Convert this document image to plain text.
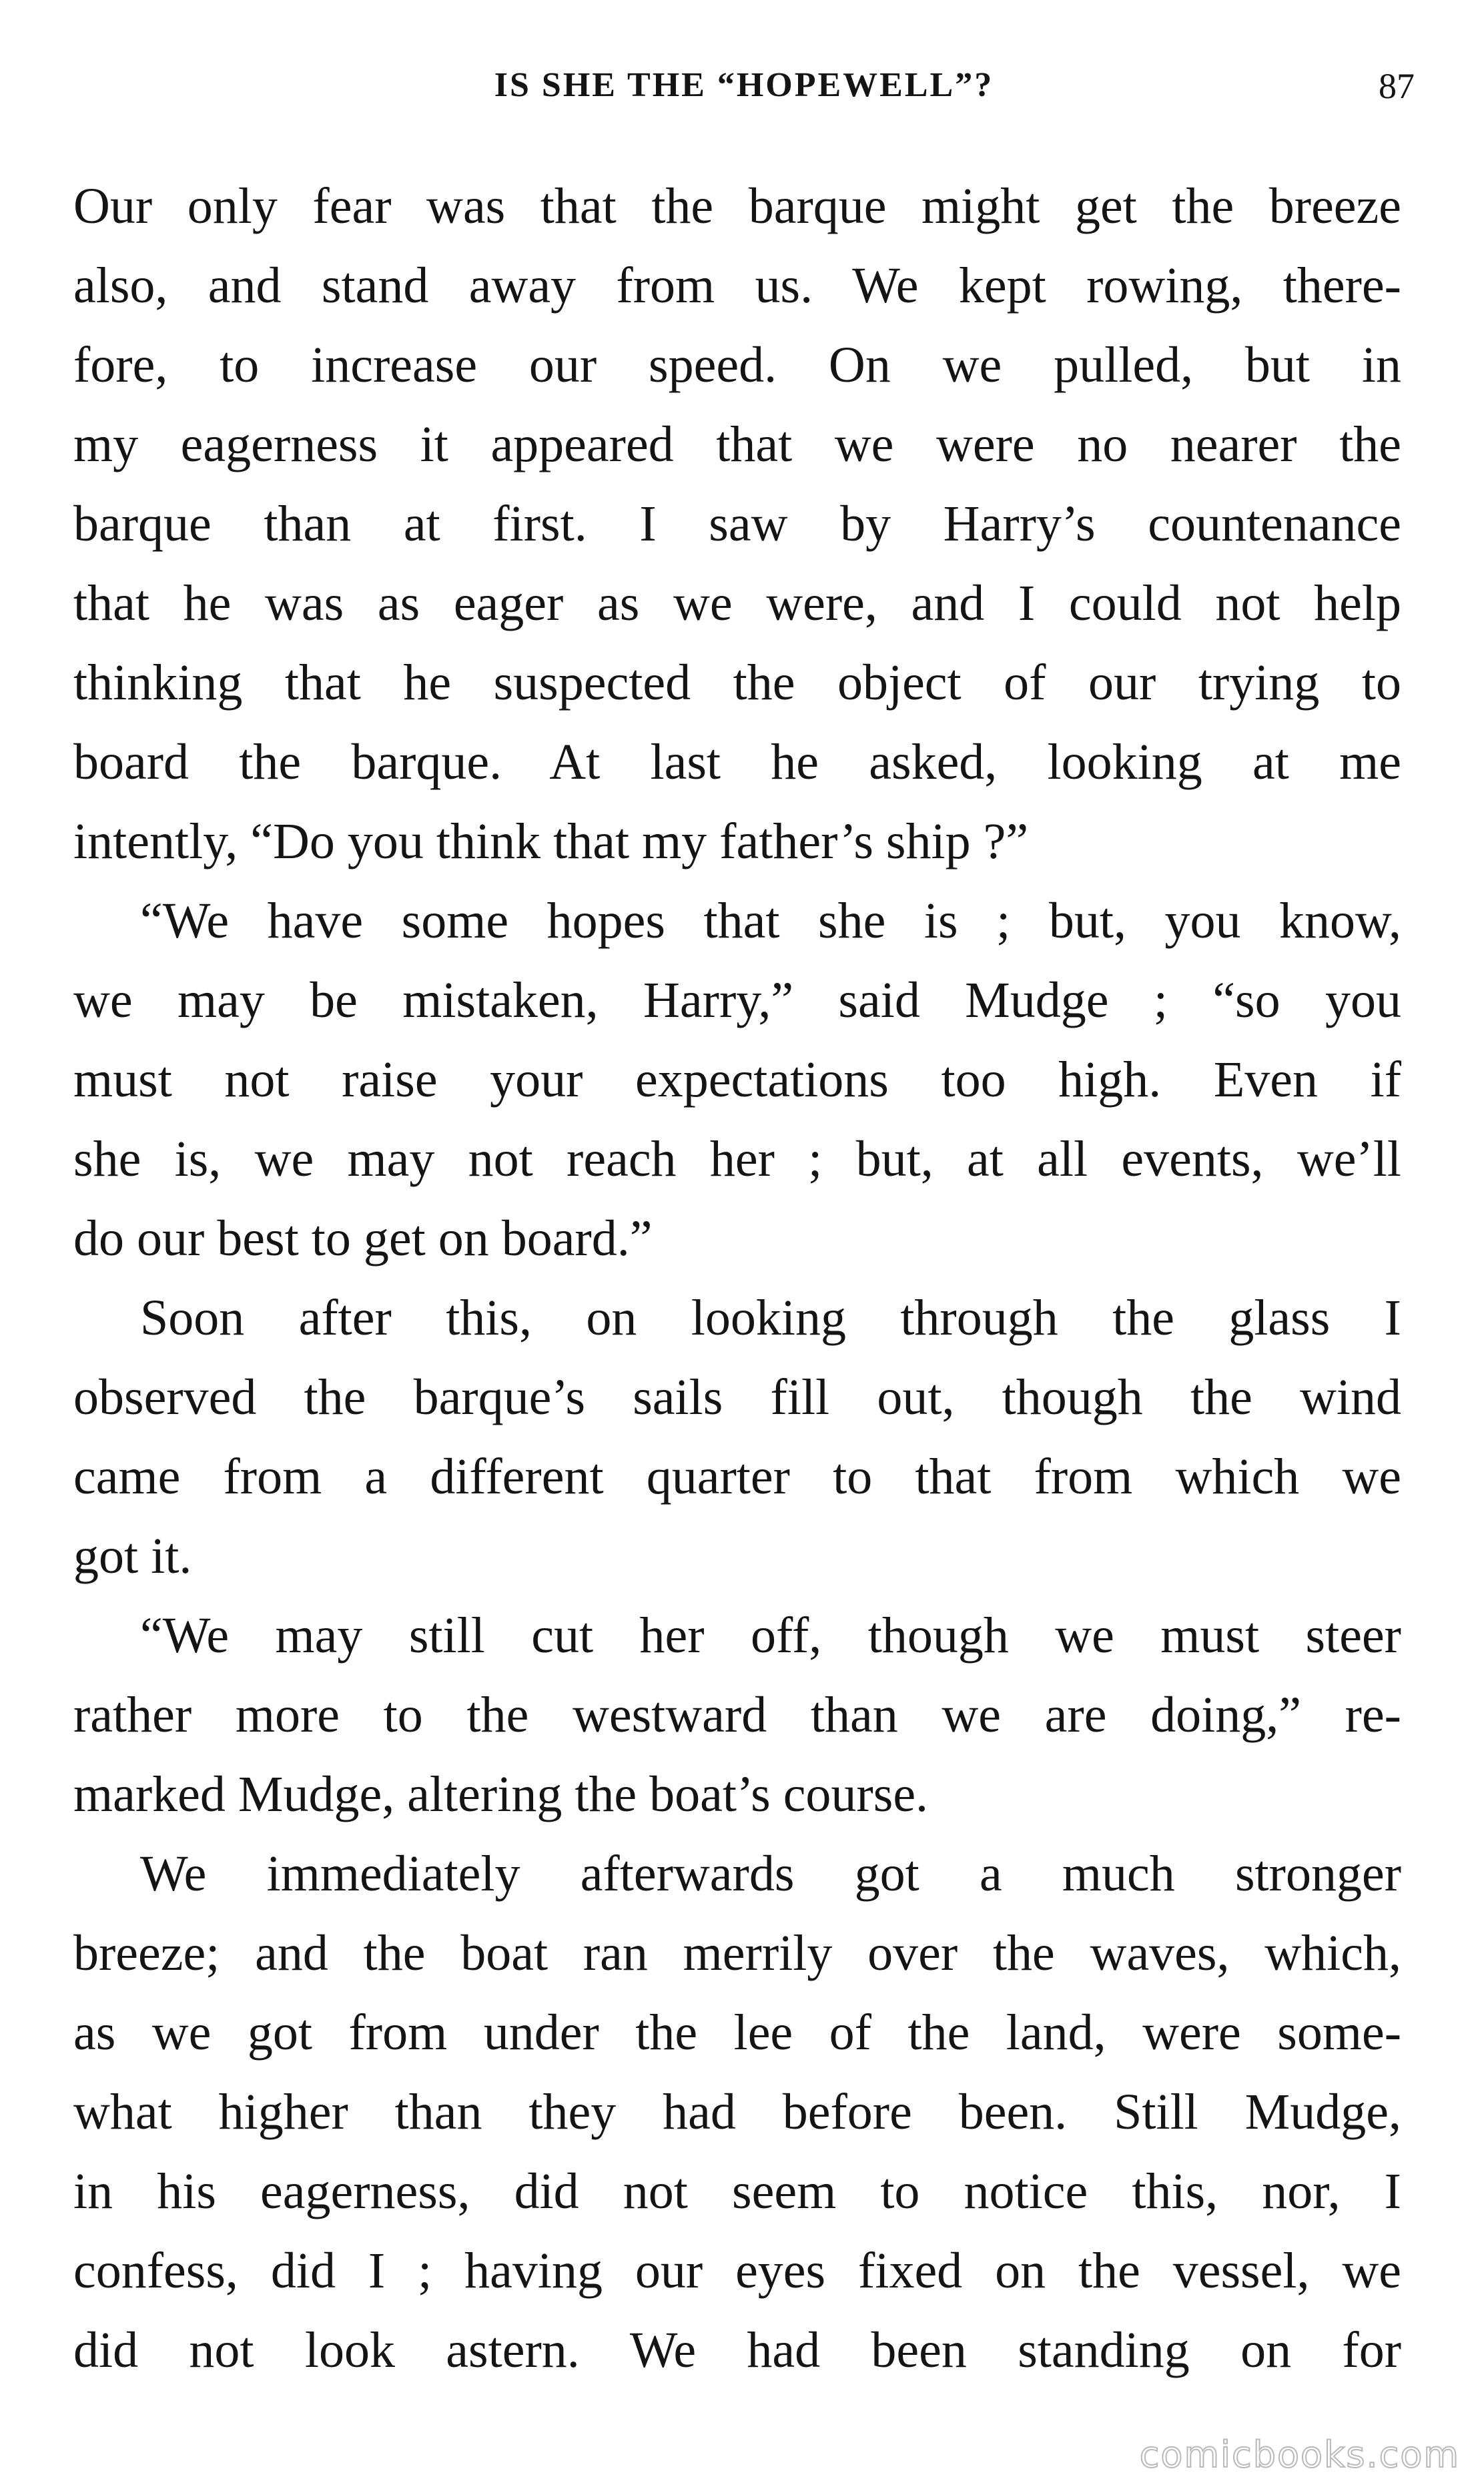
IS SHE THE “HOPEWELL”?	87
Our only fear was that the barque might get the breeze
also, and stand away from us. We kept rowing, there-
fore, to increase our speed. On we pulled, but in
my eagerness it appeared that we were no nearer the
barque than at first. I saw by Harry’s countenance
that he was as eager as we were, and I could not help
thinking that he suspected the object of our trying to
board the barque. At last he asked, looking at me
intently, “Do you think that my father’s ship ?”
“We have some hopes that she is ; but, you know,
we may be mistaken, Harry,” said Mudge ; “so you
must not raise your expectations too high. Even if
she is, we may not reach her ; but, at all events, we’ll
do our best to get on board.”
Soon after this, on looking through the glass I
observed the barque’s sails fill out, though the wind
came from a different quarter to that from which we
got it.
“We may still cut her off, though we must steer
rather more to the westward than we are doing,” re-
marked Mudge, altering the boat’s course.
We immediately afterwards got a much stronger
breeze; and the boat ran merrily over the waves, which,
as we got from under the lee of the land, were some-
what higher than they had before been. Still Mudge,
in his eagerness, did not seem to notice this, nor, I
confess, did I ; having our eyes fixed on the vessel, we
did not look astern. We had been standing on for
comicbooks.com
